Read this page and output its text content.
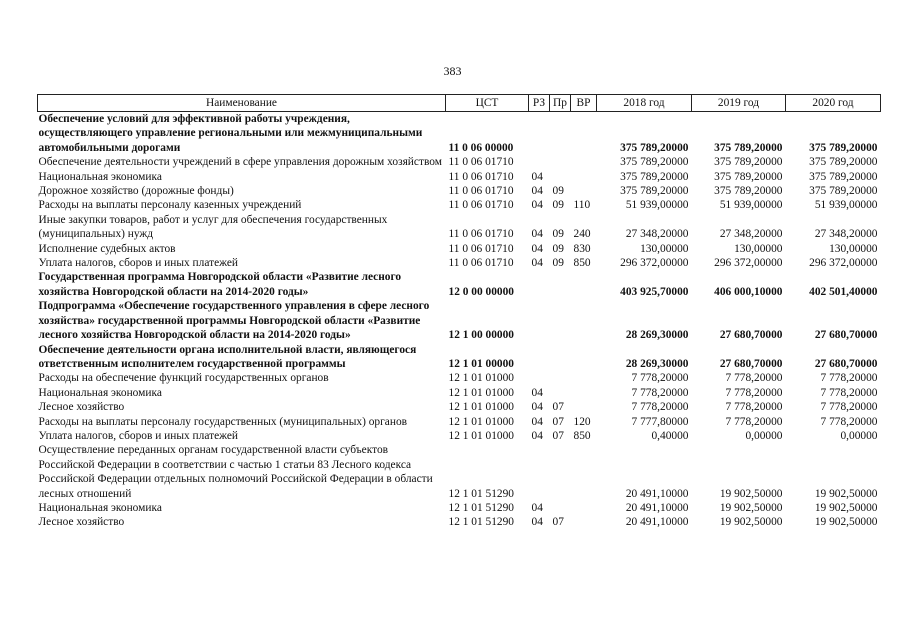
383
Наименование	ЦСТ	РЗ	Пр	ВР	2018 год	2019 год	2020 год
Обеспечение условий для эффективной работы учреждения, осуществляющего управление региональными или межмуниципальными автомобильными дорогами	11 0 06 00000				375 789,20000	375 789,20000	375 789,20000
Обеспечение деятельности учреждений в сфере управления дорожным хозяйством	11 0 06 01710				375 789,20000	375 789,20000	375 789,20000
Национальная экономика	11 0 06 01710	04			375 789,20000	375 789,20000	375 789,20000
Дорожное хозяйство (дорожные фонды)	11 0 06 01710	04	09		375 789,20000	375 789,20000	375 789,20000
Расходы на выплаты персоналу казенных учреждений	11 0 06 01710	04	09	110	51 939,00000	51 939,00000	51 939,00000
Иные закупки товаров, работ и услуг для обеспечения государственных (муниципальных) нужд	11 0 06 01710	04	09	240	27 348,20000	27 348,20000	27 348,20000
Исполнение судебных актов	11 0 06 01710	04	09	830	130,00000	130,00000	130,00000
Уплата налогов, сборов и иных платежей	11 0 06 01710	04	09	850	296 372,00000	296 372,00000	296 372,00000
Государственная программа Новгородской области «Развитие лесного хозяйства Новгородской области на 2014-2020 годы»	12 0 00 00000				403 925,70000	406 000,10000	402 501,40000
Подпрограмма «Обеспечение государственного управления в сфере лесного хозяйства» государственной программы Новгородской области «Развитие лесного хозяйства Новгородской области на 2014-2020 годы»	12 1 00 00000				28 269,30000	27 680,70000	27 680,70000
Обеспечение деятельности органа исполнительной власти, являющегося ответственным исполнителем государственной программы	12 1 01 00000				28 269,30000	27 680,70000	27 680,70000
Расходы на обеспечение функций государственных органов	12 1 01 01000				7 778,20000	7 778,20000	7 778,20000
Национальная экономика	12 1 01 01000	04			7 778,20000	7 778,20000	7 778,20000
Лесное хозяйство	12 1 01 01000	04	07		7 778,20000	7 778,20000	7 778,20000
Расходы на выплаты персоналу государственных (муниципальных) органов	12 1 01 01000	04	07	120	7 777,80000	7 778,20000	7 778,20000
Уплата налогов, сборов и иных платежей	12 1 01 01000	04	07	850	0,40000	0,00000	0,00000
Осуществление переданных органам государственной власти субъектов Российской Федерации в соответствии с частью 1 статьи 83 Лесного кодекса Российской Федерации отдельных полномочий Российской Федерации в области лесных отношений	12 1 01 51290				20 491,10000	19 902,50000	19 902,50000
Национальная экономика	12 1 01 51290	04			20 491,10000	19 902,50000	19 902,50000
Лесное хозяйство	12 1 01 51290	04	07		20 491,10000	19 902,50000	19 902,50000
